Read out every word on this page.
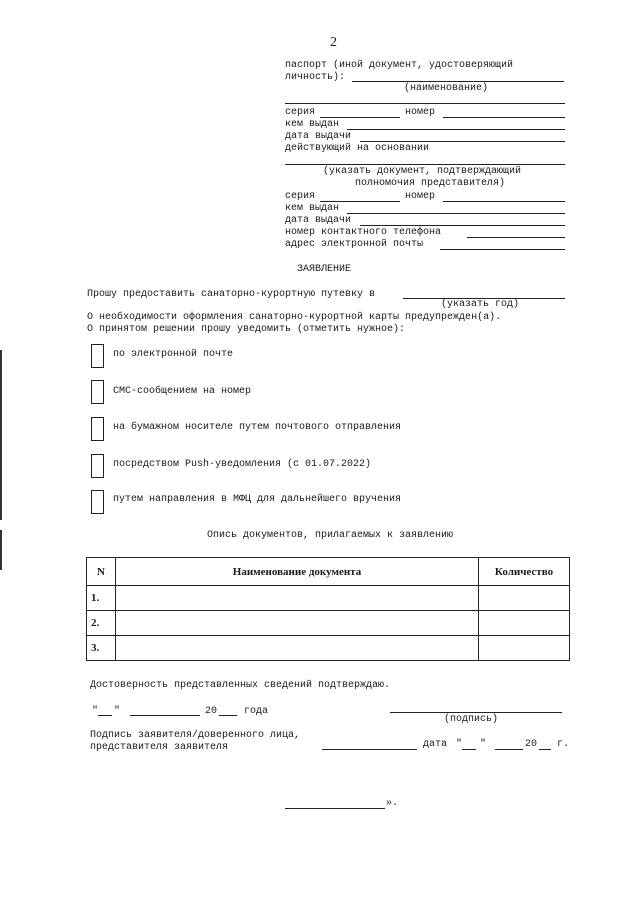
2
паспорт (иной документ, удостоверяющий
личность):
(наименование)
серия	номер
кем выдан
дата выдачи
действующий на основании
(указать документ, подтверждающий
полномочия представителя)
серия	номер
кем выдан
дата выдачи
номер контактного телефона
адрес электронной почты
ЗАЯВЛЕНИЕ
Прошу предоставить санаторно-курортную путевку в
(указать год)
О необходимости оформления санаторно-курортной карты предупрежден(а).
О принятом решении прошу уведомить (отметить нужное):
по электронной почте
СМС-сообщением на номер
на бумажном носителе путем почтового отправления
посредством Push-уведомления (с 01.07.2022)
путем направления в МФЦ для дальнейшего вручения
Опись документов, прилагаемых к заявлению
N	Наименование документа	Количество
1.		
2.		
3.		
Достоверность представленных сведений подтверждаю.
" "	20	года
(подпись)
Подпись заявителя/доверенного лица,
представителя заявителя	дата " "	20 г.
».
